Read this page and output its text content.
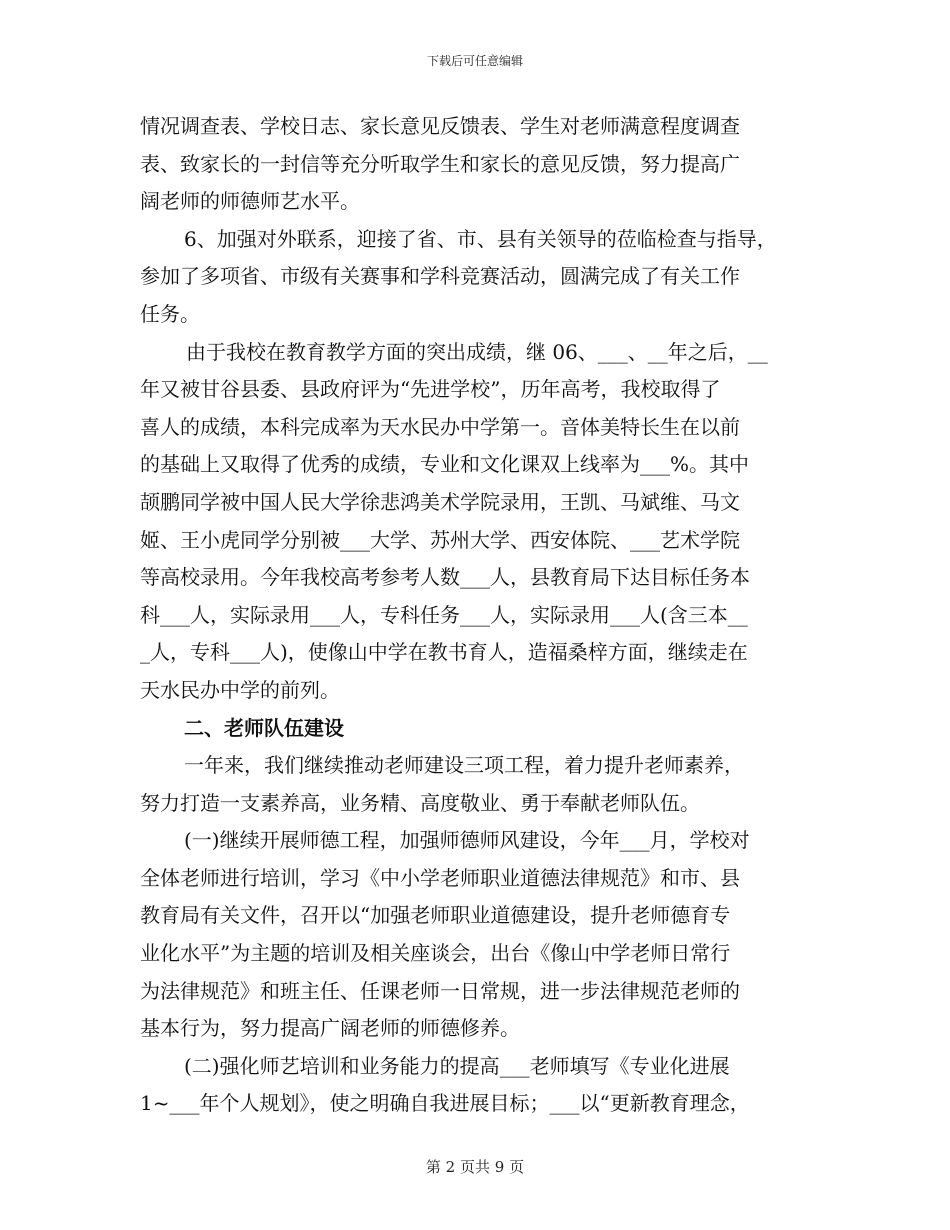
下载后可任意编辑
情况调查表、学校日志、家长意见反馈表、学生对老师满意程度调查
表、致家长的一封信等充分听取学生和家长的意见反馈，努力提高广
阔老师的师德师艺水平。
6、加强对外联系，迎接了省、市、县有关领导的莅临检查与指导，
参加了多项省、市级有关赛事和学科竞赛活动，圆满完成了有关工作
任务。
由于我校在教育教学方面的突出成绩，继 06、___、__年之后，__
年又被甘谷县委、县政府评为“先进学校”，历年高考，我校取得了
喜人的成绩，本科完成率为天水民办中学第一。音体美特长生在以前
的基础上又取得了优秀的成绩，专业和文化课双上线率为___%。其中
颉鹏同学被中国人民大学徐悲鸿美术学院录用，王凯、马斌维、马文
姬、王小虎同学分别被___大学、苏州大学、西安体院、___艺术学院
等高校录用。今年我校高考参考人数___人，县教育局下达目标任务本
科___人，实际录用___人，专科任务___人，实际录用___人(含三本__
_人，专科___人)，使像山中学在教书育人，造福桑梓方面，继续走在
天水民办中学的前列。
二、老师队伍建设
一年来，我们继续推动老师建设三项工程，着力提升老师素养，
努力打造一支素养高，业务精、高度敬业、勇于奉献老师队伍。
(一)继续开展师德工程，加强师德师风建设，今年___月，学校对
全体老师进行培训，学习《中小学老师职业道德法律规范》和市、县
教育局有关文件，召开以“加强老师职业道德建设，提升老师德育专
业化水平”为主题的培训及相关座谈会，出台《像山中学老师日常行
为法律规范》和班主任、任课老师一日常规，进一步法律规范老师的
基本行为，努力提高广阔老师的师德修养。
(二)强化师艺培训和业务能力的提高___老师填写《专业化进展
1~___年个人规划》，使之明确自我进展目标；___以“更新教育理念，
第 2 页共 9 页
